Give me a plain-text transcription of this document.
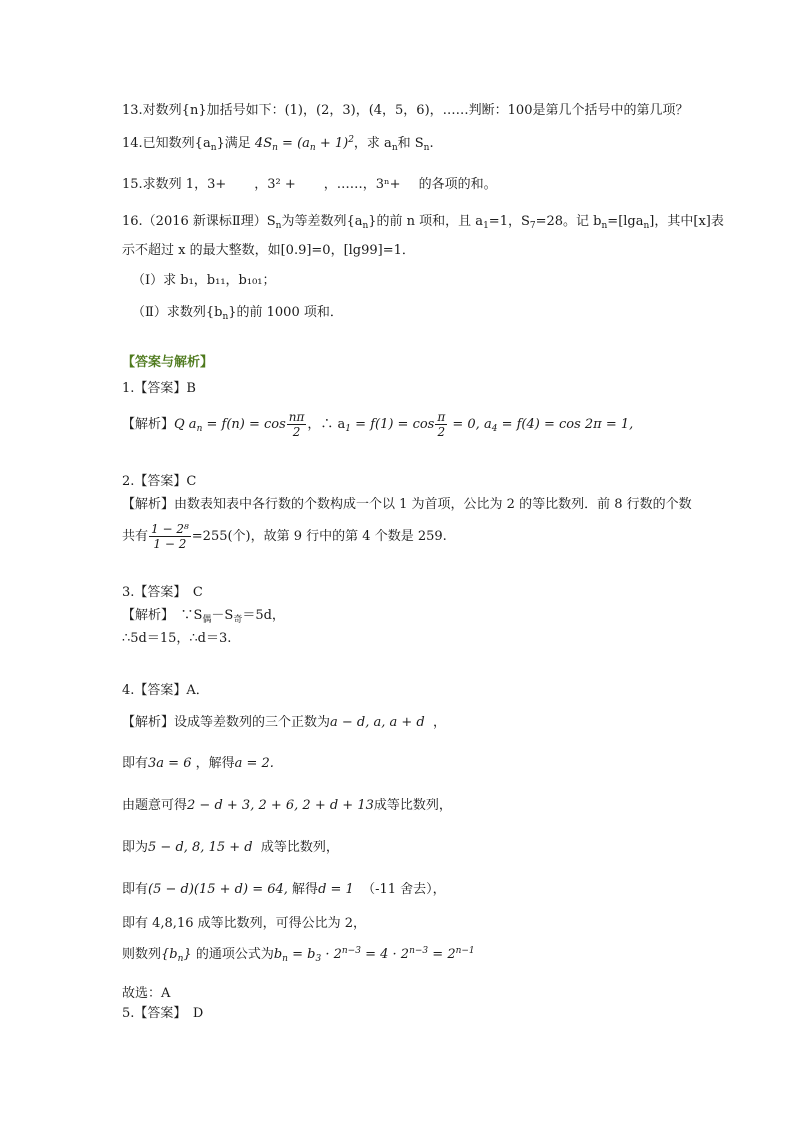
13.对数列{n}加括号如下：(1)，(2，3)，(4，5，6)，……判断：100是第几个括号中的第几项？
14.已知数列$\{a_n\}$满足 $4S_n = (a_n + 1)^2$，求 $a_n$和 $S_n$.
15.求数列 1，3+ ，3² + ，……，3ⁿ+ 的各项的和。
16.（2016 新课标Ⅱ理）$S_n$为等差数列$\{a_n\}$的前 n 项和，且 $a_1=1$，$S_7=28$。记 $b_n=[\lg a_n]$，其中[x]表
示不超过 x 的最大整数，如[0.9]=0，[lg99]=1．
（Ⅰ）求 b₁，b₁₁，b₁₀₁；
（Ⅱ）求数列$\{b_n\}$的前 1000 项和．
【答案与解析】
1.【答案】B
【解析】Q $a_n = f(n) = \cos \frac{n\pi}{2}$ ，∴ $a_1 = f(1) = \cos \frac{\pi}{2} = 0$, $a_4 = f(4) = \cos 2\pi = 1$,
2.【答案】C
【解析】由数表知表中各行数的个数构成一个以 1 为首项，公比为 2 的等比数列．前 8 行数的个数
共有 $\frac{\text{1 − 2⁸}}{1 - 2} =255$(个)，故第 9 行中的第 4 个数是 259.
3.【答案】　C
【解析】　$\because S_偶-S_奇=5d$，
∴5d＝15，∴d＝3.
4.【答案】A．
【解析】设成等差数列的三个正数为a − d, a, a + d ，
即有3a = 6 ，解得a = 2.
由题意可得2 − d + 3, 2 + 6, 2 + d + 13成等比数列，
即为5 − d, 8, 15 + d 成等比数列，
即有(5 − d)(15 + d) = 64, 解得d = 1 （-11 舍去），
即有 4,8,16 成等比数列，可得公比为 2，
则数列$\{b_n\}$ 的通项公式为$b_n = b_3 \cdot 2^{n-3} = 4 \cdot 2^{n-3} = 2^{n-1}$
故选：A
5.【答案】　D
